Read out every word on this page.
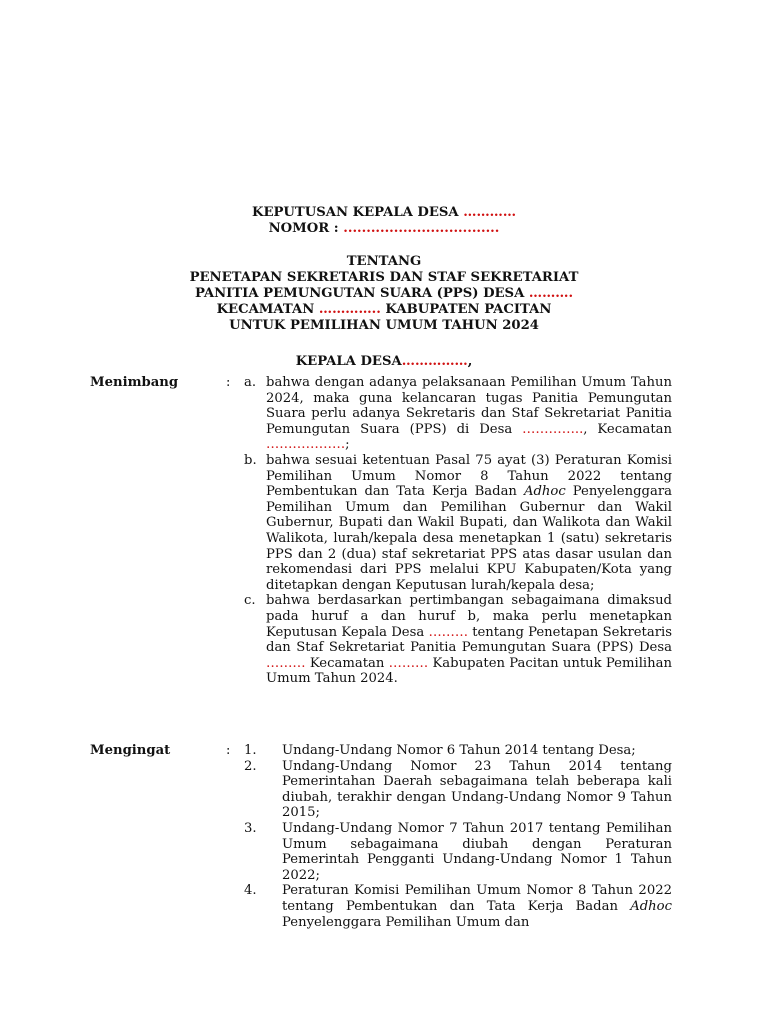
KEPUTUSAN KEPALA DESA …………
NOMOR : ..................................
TENTANG
PENETAPAN SEKRETARIS DAN STAF SEKRETARIAT
PANITIA PEMUNGUTAN SUARA (PPS) DESA ……….
KECAMATAN ………….. KABUPATEN PACITAN
UNTUK PEMILIHAN UMUM TAHUN 2024
KEPALA DESA……………,
Menimbang	: a. bahwa dengan adanya pelaksanaan Pemilihan Umum Tahun 2024, maka guna kelancaran tugas Panitia Pemungutan Suara perlu adanya Sekretaris dan Staf Sekretariat Panitia Pemungutan Suara (PPS) di Desa ………….., Kecamatan ………………;
b. bahwa sesuai ketentuan Pasal 75 ayat (3) Peraturan Komisi Pemilihan Umum Nomor 8 Tahun 2022 tentang Pembentukan dan Tata Kerja Badan Adhoc Penyelenggara Pemilihan Umum dan Pemilihan Gubernur dan Wakil Gubernur, Bupati dan Wakil Bupati, dan Walikota dan Wakil Walikota, lurah/kepala desa menetapkan 1 (satu) sekretaris PPS dan 2 (dua) staf sekretariat PPS atas dasar usulan dan rekomendasi dari PPS melalui KPU Kabupaten/Kota yang ditetapkan dengan Keputusan lurah/kepala desa;
c. bahwa berdasarkan pertimbangan sebagaimana dimaksud pada huruf a dan huruf b, maka perlu menetapkan Keputusan Kepala Desa ……… tentang Penetapan Sekretaris dan Staf Sekretariat Panitia Pemungutan Suara (PPS) Desa ……… Kecamatan ……… Kabupaten Pacitan untuk Pemilihan Umum Tahun 2024.
Mengingat	: 1.	Undang-Undang Nomor 6 Tahun 2014 tentang Desa;
2.	Undang-Undang Nomor 23 Tahun 2014 tentang Pemerintahan Daerah sebagaimana telah beberapa kali diubah, terakhir dengan Undang-Undang Nomor 9 Tahun 2015;
3.	Undang-Undang Nomor 7 Tahun 2017 tentang Pemilihan Umum sebagaimana diubah dengan Peraturan Pemerintah Pengganti Undang-Undang Nomor 1 Tahun 2022;
4.	Peraturan Komisi Pemilihan Umum Nomor 8 Tahun 2022 tentang Pembentukan dan Tata Kerja Badan Adhoc Penyelenggara Pemilihan Umum dan
